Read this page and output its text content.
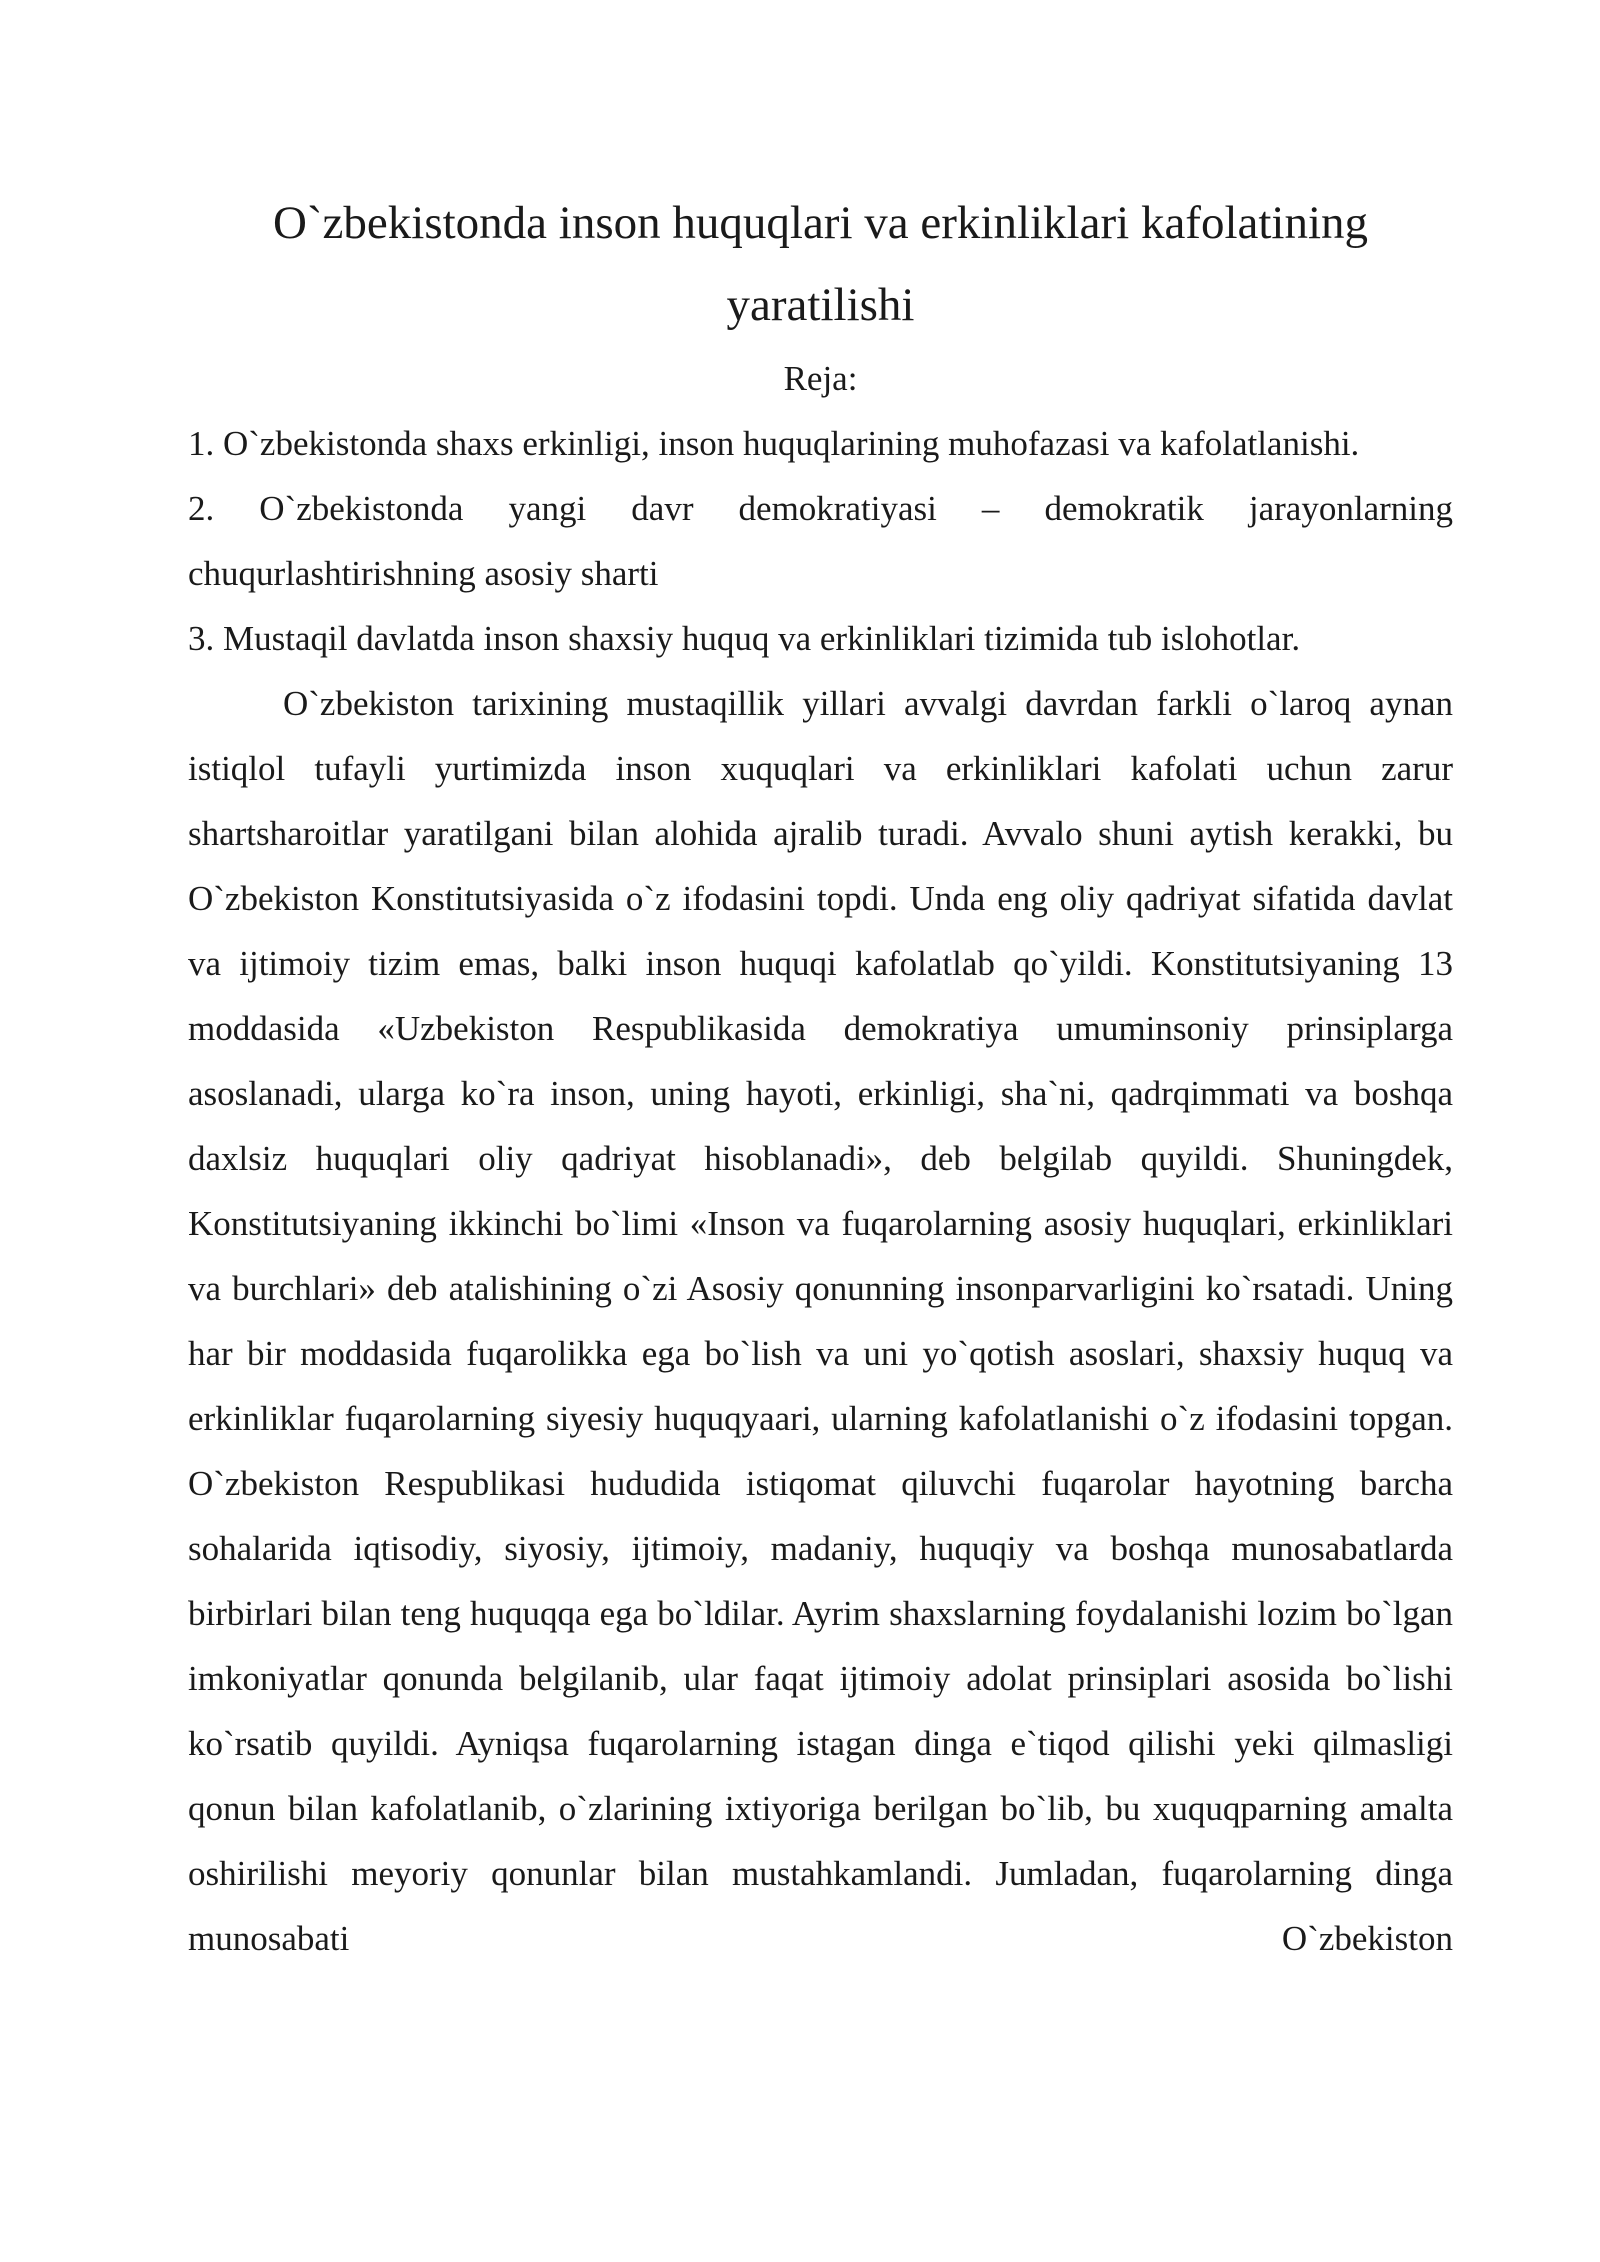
O`zbekistonda inson huquqlari va erkinliklari kafolatining yaratilishi

Reja:

1. O`zbekistonda shaxs erkinligi, inson huquqlarining muhofazasi va kafolatlanishi.
2. O`zbekistonda yangi davr demokratiyasi – demokratik jarayonlarning chuqurlashtirishning asosiy sharti
3. Mustaqil davlatda inson shaxsiy huquq va erkinliklari tizimida tub islohotlar.

O`zbekiston tarixining mustaqillik yillari avvalgi davrdan farkli o`laroq aynan istiqlol tufayli yurtimizda inson xuquqlari va erkinliklari kafolati uchun zarur shartsharoitlar yaratilgani bilan alohida ajralib turadi. Avvalo shuni aytish kerakki, bu O`zbekiston Konstitutsiyasida o`z ifodasini topdi. Unda eng oliy qadriyat sifatida davlat va ijtimoiy tizim emas, balki inson huquqi kafolatlab qo`yildi. Konstitutsiyaning 13 moddasida «Uzbekiston Respublikasida demokratiya umuminsoniy prinsiplarga asoslanadi, ularga ko`ra inson, uning hayoti, erkinligi, sha`ni, qadrqimmati va boshqa daxlsiz huquqlari oliy qadriyat hisoblanadi», deb belgilab quyildi. Shuningdek, Konstitutsiyaning ikkinchi bo`limi «Inson va fuqarolarning asosiy huquqlari, erkinliklari va burchlari» deb atalishining o`zi Asosiy qonunning insonparvarligini ko`rsatadi. Uning har bir moddasida fuqarolikka ega bo`lish va uni yo`qotish asoslari, shaxsiy huquq va erkinliklar fuqarolarning siyesiy huquqyaari, ularning kafolatlanishi o`z ifodasini topgan. O`zbekiston Respublikasi hududida istiqomat qiluvchi fuqarolar hayotning barcha sohalarida iqtisodiy, siyosiy, ijtimoiy, madaniy, huquqiy va boshqa munosabatlarda birbirlari bilan teng huquqqa ega bo`ldilar. Ayrim shaxslarning foydalanishi lozim bo`lgan imkoniyatlar qonunda belgilanib, ular faqat ijtimoiy adolat prinsiplari asosida bo`lishi ko`rsatib quyildi. Ayniqsa fuqarolarning istagan dinga e`tiqod qilishi yeki qilmasligi qonun bilan kafolatlanib, o`zlarining ixtiyoriga berilgan bo`lib, bu xuquqparning amalta oshirilishi meyoriy qonunlar bilan mustahkamlandi. Jumladan, fuqarolarning dinga munosabati O`zbekiston
